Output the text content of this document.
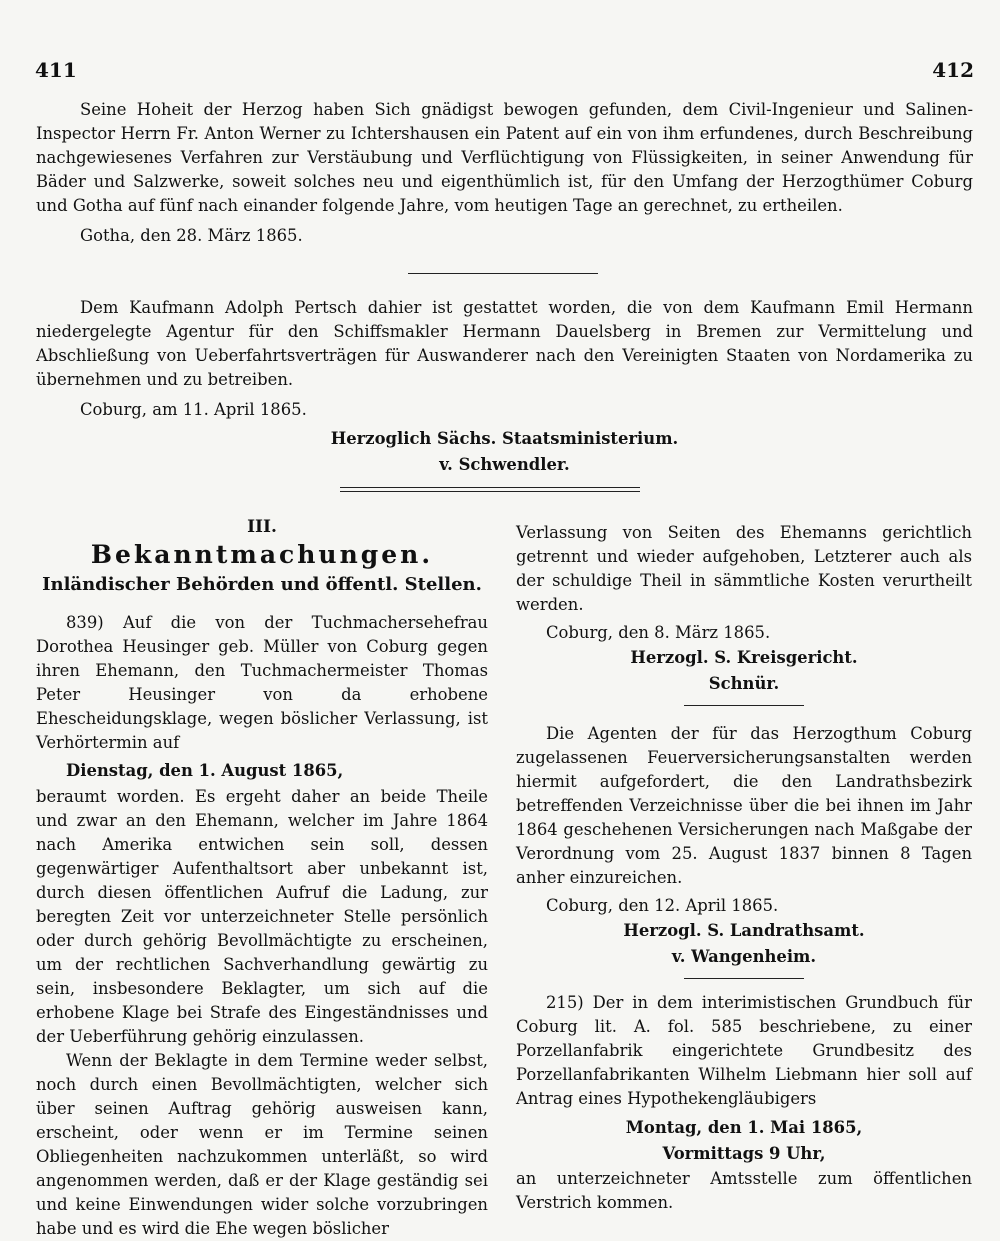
411	412

Seine Hoheit der Herzog haben Sich gnädigst bewogen gefunden, dem Civil-Ingenieur und Salinen-Inspector Herrn Fr. Anton Werner zu Ichtershausen ein Patent auf ein von ihm erfundenes, durch Beschreibung nachgewiesenes Verfahren zur Verstäubung und Verflüchtigung von Flüssigkeiten, in seiner Anwendung für Bäder und Salzwerke, soweit solches neu und eigenthümlich ist, für den Umfang der Herzogthümer Coburg und Gotha auf fünf nach einander folgende Jahre, vom heutigen Tage an gerechnet, zu ertheilen.

Gotha, den 28. März 1865.

Dem Kaufmann Adolph Pertsch dahier ist gestattet worden, die von dem Kaufmann Emil Hermann niedergelegte Agentur für den Schiffsmakler Hermann Dauelsberg in Bremen zur Vermittelung und Abschließung von Ueberfahrtsverträgen für Auswanderer nach den Vereinigten Staaten von Nordamerika zu übernehmen und zu betreiben.

Coburg, am 11. April 1865.

Herzoglich Sächs. Staatsministerium.
v. Schwendler.
III.
Bekanntmachungen.
Inländischer Behörden und öffentl. Stellen.

839) Auf die von der Tuchmachersehefrau Dorothea Heusinger geb. Müller von Coburg gegen ihren Ehemann, den Tuchmachermeister Thomas Peter Heusinger von da erhobene Ehescheidungsklage, wegen böslicher Verlassung, ist Verhörtermin auf

Dienstag, den 1. August 1865,

beraumt worden. Es ergeht daher an beide Theile und zwar an den Ehemann, welcher im Jahre 1864 nach Amerika entwichen sein soll, dessen gegenwärtiger Aufenthaltsort aber unbekannt ist, durch diesen öffentlichen Aufruf die Ladung, zur beregten Zeit vor unterzeichneter Stelle persönlich oder durch gehörig Bevollmächtigte zu erscheinen, um der rechtlichen Sachverhandlung gewärtig zu sein, insbesondere Beklagter, um sich auf die erhobene Klage bei Strafe des Eingeständnisses und der Ueberführung gehörig einzulassen.

Wenn der Beklagte in dem Termine weder selbst, noch durch einen Bevollmächtigten, welcher sich über seinen Auftrag gehörig ausweisen kann, erscheint, oder wenn er im Termine seinen Obliegenheiten nachzukommen unterläßt, so wird angenommen werden, daß er der Klage geständig sei und keine Einwendungen wider solche vorzubringen habe und es wird die Ehe wegen böslicher

Verlassung von Seiten des Ehemanns gerichtlich getrennt und wieder aufgehoben, Letzterer auch als der schuldige Theil in sämmtliche Kosten verurtheilt werden.

Coburg, den 8. März 1865.

Herzogl. S. Kreisgericht.
Schnür.

Die Agenten der für das Herzogthum Coburg zugelassenen Feuerversicherungsanstalten werden hiermit aufgefordert, die den Landrathsbezirk betreffenden Verzeichnisse über die bei ihnen im Jahr 1864 geschehenen Versicherungen nach Maßgabe der Verordnung vom 25. August 1837 binnen 8 Tagen anher einzureichen.

Coburg, den 12. April 1865.

Herzogl. S. Landrathsamt.
v. Wangenheim.

215) Der in dem interimistischen Grundbuch für Coburg lit. A. fol. 585 beschriebene, zu einer Porzellanfabrik eingerichtete Grundbesitz des Porzellanfabrikanten Wilhelm Liebmann hier soll auf Antrag eines Hypothekengläubigers

Montag, den 1. Mai 1865,
Vormittags 9 Uhr,

an unterzeichneter Amtsstelle zum öffentlichen Verstrich kommen.
